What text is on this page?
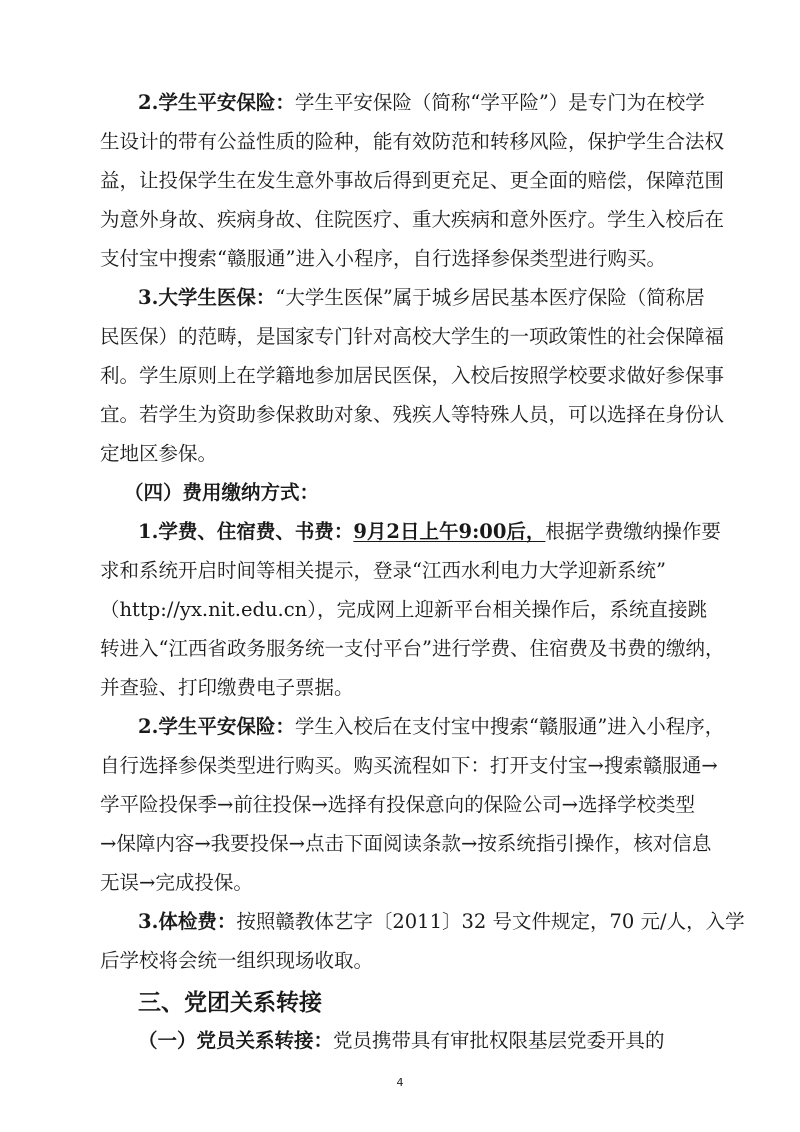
2.学生平安保险：学生平安保险（简称“学平险”）是专门为在校学
生设计的带有公益性质的险种，能有效防范和转移风险，保护学生合法权
益，让投保学生在发生意外事故后得到更充足、更全面的赔偿，保障范围
为意外身故、疾病身故、住院医疗、重大疾病和意外医疗。学生入校后在
支付宝中搜索“赣服通”进入小程序，自行选择参保类型进行购买。
3.大学生医保：“大学生医保”属于城乡居民基本医疗保险（简称居
民医保）的范畴，是国家专门针对高校大学生的一项政策性的社会保障福
利。学生原则上在学籍地参加居民医保，入校后按照学校要求做好参保事
宜。若学生为资助参保救助对象、残疾人等特殊人员，可以选择在身份认
定地区参保。
（四）费用缴纳方式：
1.学费、住宿费、书费：9月2日上午9:00后，根据学费缴纳操作要
求和系统开启时间等相关提示，登录“江西水利电力大学迎新系统”
（http://yx.nit.edu.cn），完成网上迎新平台相关操作后，系统直接跳
转进入“江西省政务服务统一支付平台”进行学费、住宿费及书费的缴纳，
并查验、打印缴费电子票据。
2.学生平安保险：学生入校后在支付宝中搜索“赣服通”进入小程序，
自行选择参保类型进行购买。购买流程如下：打开支付宝→搜索赣服通→
学平险投保季→前往投保→选择有投保意向的保险公司→选择学校类型
→保障内容→我要投保→点击下面阅读条款→按系统指引操作，核对信息
无误→完成投保。
3.体检费：按照赣教体艺字〔2011〕32 号文件规定，70 元/人，入学
后学校将会统一组织现场收取。
三、党团关系转接
（一）党员关系转接：党员携带具有审批权限基层党委开具的
4
